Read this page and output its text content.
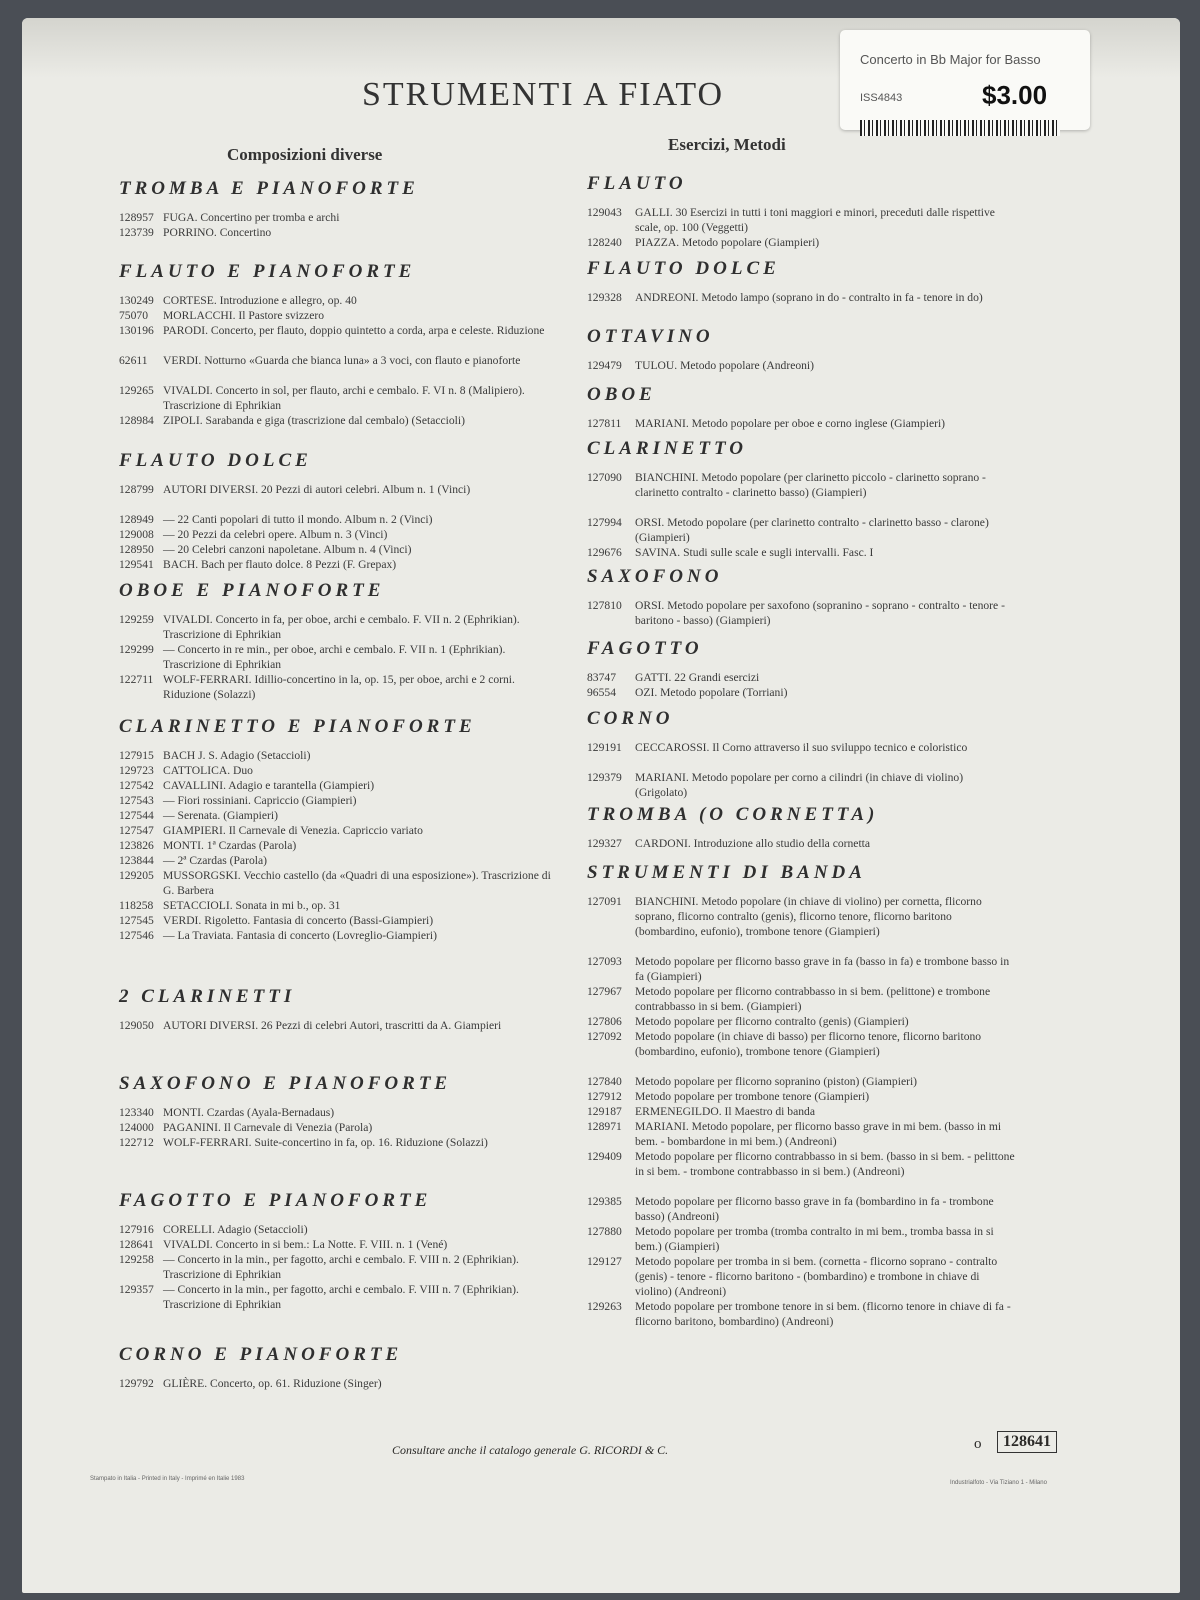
STRUMENTI A FIATO
Composizioni diverse
Esercizi, Metodi
TROMBA E PIANOFORTE
128957 FUGA. Concertino per tromba e archi
123739 PORRINO. Concertino
FLAUTO E PIANOFORTE
130249 CORTESE. Introduzione e allegro, op. 40
75070 MORLACCHI. Il Pastore svizzero
130196 PARODI. Concerto, per flauto, doppio quintetto a corda, arpa e celeste. Riduzione
62611 VERDI. Notturno «Guarda che bianca luna» a 3 voci, con flauto e pianoforte
129265 VIVALDI. Concerto in sol, per flauto, archi e cembalo. F. VI n. 8 (Malipiero). Trascrizione di Ephrikian
128984 ZIPOLI. Sarabanda e giga (trascrizione dal cembalo) (Setaccioli)
FLAUTO DOLCE
128799 AUTORI DIVERSI. 20 Pezzi di autori celebri. Album n. 1 (Vinci)
128949 — 22 Canti popolari di tutto il mondo. Album n. 2 (Vinci)
129008 — 20 Pezzi da celebri opere. Album n. 3 (Vinci)
128950 — 20 Celebri canzoni napoletane. Album n. 4 (Vinci)
129541 BACH. Bach per flauto dolce. 8 Pezzi (F. Grepax)
OBOE E PIANOFORTE
129259 VIVALDI. Concerto in fa, per oboe, archi e cembalo. F. VII n. 2 (Ephrikian). Trascrizione di Ephrikian
129299 — Concerto in re min., per oboe, archi e cembalo. F. VII n. 1 (Ephrikian). Trascrizione di Ephrikian
122711 WOLF-FERRARI. Idillio-concertino in la, op. 15, per oboe, archi e 2 corni. Riduzione (Solazzi)
CLARINETTO E PIANOFORTE
127915 BACH J. S. Adagio (Setaccioli)
129723 CATTOLICA. Duo
127542 CAVALLINI. Adagio e tarantella (Giampieri)
127543 — Fiori rossiniani. Capriccio (Giampieri)
127544 — Serenata. (Giampieri)
127547 GIAMPIERI. Il Carnevale di Venezia. Capriccio variato
123826 MONTI. 1ª Czardas (Parola)
123844 — 2ª Czardas (Parola)
129205 MUSSORGSKI. Vecchio castello (da «Quadri di una esposizione»). Trascrizione di G. Barbera
118258 SETACCIOLI. Sonata in mi b., op. 31
127545 VERDI. Rigoletto. Fantasia di concerto (Bassi-Giampieri)
127546 — La Traviata. Fantasia di concerto (Lovreglio-Giampieri)
2 CLARINETTI
129050 AUTORI DIVERSI. 26 Pezzi di celebri Autori, trascritti da A. Giampieri
SAXOFONO E PIANOFORTE
123340 MONTI. Czardas (Ayala-Bernadaus)
124000 PAGANINI. Il Carnevale di Venezia (Parola)
122712 WOLF-FERRARI. Suite-concertino in fa, op. 16. Riduzione (Solazzi)
FAGOTTO E PIANOFORTE
127916 CORELLI. Adagio (Setaccioli)
128641 VIVALDI. Concerto in si bem.: La Notte. F. VIII. n. 1 (Vené)
129258 — Concerto in la min., per fagotto, archi e cembalo. F. VIII n. 2 (Ephrikian). Trascrizione di Ephrikian
129357 — Concerto in la min., per fagotto, archi e cembalo. F. VIII n. 7 (Ephrikian). Trascrizione di Ephrikian
CORNO E PIANOFORTE
129792 GLIÈRE. Concerto, op. 61. Riduzione (Singer)
FLAUTO
129043 GALLI. 30 Esercizi in tutti i toni maggiori e minori, preceduti dalle rispettive scale, op. 100 (Veggetti)
128240 PIAZZA. Metodo popolare (Giampieri)
FLAUTO DOLCE
129328 ANDREONI. Metodo lampo (soprano in do - contralto in fa - tenore in do)
OTTAVINO
129479 TULOU. Metodo popolare (Andreoni)
OBOE
127811 MARIANI. Metodo popolare per oboe e corno inglese (Giampieri)
CLARINETTO
127090 BIANCHINI. Metodo popolare (per clarinetto piccolo - clarinetto soprano - clarinetto contralto - clarinetto basso) (Giampieri)
127994 ORSI. Metodo popolare (per clarinetto contralto - clarinetto basso - clarone) (Giampieri)
129676 SAVINA. Studi sulle scale e sugli intervalli. Fasc. I
SAXOFONO
127810 ORSI. Metodo popolare per saxofono (sopranino - soprano - contralto - tenore - baritono - basso) (Giampieri)
FAGOTTO
83747 GATTI. 22 Grandi esercizi
96554 OZI. Metodo popolare (Torriani)
CORNO
129191 CECCAROSSI. Il Corno attraverso il suo sviluppo tecnico e coloristico
129379 MARIANI. Metodo popolare per corno a cilindri (in chiave di violino) (Grigolato)
TROMBA (O CORNETTA)
129327 CARDONI. Introduzione allo studio della cornetta
STRUMENTI DI BANDA
127091 BIANCHINI. Metodo popolare (in chiave di violino) per cornetta, flicorno soprano, flicorno contralto (genis), flicorno tenore, flicorno baritono (bombardino, eufonio), trombone tenore (Giampieri)
127093 Metodo popolare per flicorno basso grave in fa (basso in fa) e trombone basso in fa (Giampieri)
127967 Metodo popolare per flicorno contrabbasso in si bem. (pelittone) e trombone contrabbasso in si bem. (Giampieri)
127806 Metodo popolare per flicorno contralto (genis) (Giampieri)
127092 Metodo popolare (in chiave di basso) per flicorno tenore, flicorno baritono (bombardino, eufonio), trombone tenore (Giampieri)
127840 Metodo popolare per flicorno sopranino (piston) (Giampieri)
127912 Metodo popolare per trombone tenore (Giampieri)
129187 ERMENEGILDO. Il Maestro di banda
128971 MARIANI. Metodo popolare, per flicorno basso grave in mi bem. (basso in mi bem. - bombardone in mi bem.) (Andreoni)
129409 Metodo popolare per flicorno contrabbasso in si bem. (basso in si bem. - pelittone in si bem. - trombone contrabbasso in si bem.) (Andreoni)
129385 Metodo popolare per flicorno basso grave in fa (bombardino in fa - trombone basso) (Andreoni)
127880 Metodo popolare per tromba (tromba contralto in mi bem., tromba bassa in si bem.) (Giampieri)
129127 Metodo popolare per tromba in si bem. (cornetta - flicorno soprano - contralto (genis) - tenore - flicorno baritono - (bombardino) e trombone in chiave di violino) (Andreoni)
129263 Metodo popolare per trombone tenore in si bem. (flicorno tenore in chiave di fa - flicorno baritono, bombardino) (Andreoni)
Consultare anche il catalogo generale G. RICORDI & C.	o	128641
Stampato in Italia - Printed in Italy - Imprimé en Italie 1983
Industrialfoto - Via Tiziano 1 - Milano
Concerto in Bb Major for Basso
ISS4843	$3.00
